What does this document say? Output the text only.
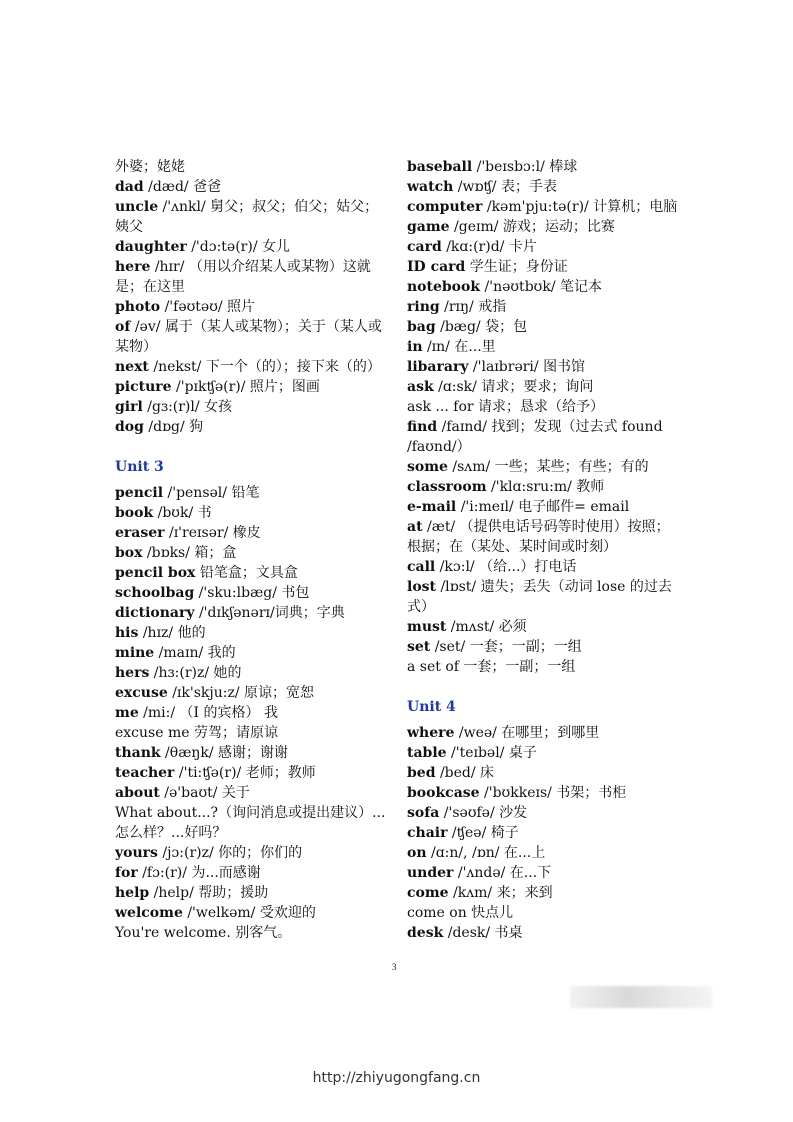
外婆；姥姥
dad /dæd/ 爸爸
uncle /'ʌnkl/ 舅父；叔父；伯父；姑父；姨父
daughter /'dɔ:tə(r)/ 女儿
here /hɪr/ （用以介绍某人或某物）这就是；在这里
photo /'fəʊtəʊ/ 照片
of /əv/ 属于（某人或某物）；关于（某人或某物）
next /nekst/ 下一个（的）；接下来（的）
picture /'pɪkʧə(r)/ 照片；图画
girl /gɜ:(r)l/ 女孩
dog /dɒg/ 狗
Unit 3
pencil /'pensəl/ 铅笔
book /bʊk/ 书
eraser /ɪ'reɪsər/ 橡皮
box /bɒks/ 箱；盒
pencil box 铅笔盒；文具盒
schoolbag /'sku:lbæg/ 书包
dictionary /'dɪkʃənərɪ/词典；字典
his /hɪz/ 他的
mine /maɪn/ 我的
hers /hɜ:(r)z/ 她的
excuse /ɪk'skju:z/ 原谅；宽恕
me /mi:/ （I 的宾格） 我
excuse me 劳驾；请原谅
thank /θæŋk/ 感谢；谢谢
teacher /'ti:ʧə(r)/ 老师；教师
about /ə'baʊt/ 关于
What about...?（询问消息或提出建议）...怎么样？...好吗？
yours /jɔ:(r)z/ 你的；你们的
for /fɔ:(r)/ 为...而感谢
help /help/ 帮助；援助
welcome /'welkəm/ 受欢迎的
You're welcome. 别客气。
baseball /'beɪsbɔ:l/ 棒球
watch /wɒʧ/ 表；手表
computer /kəm'pju:tə(r)/ 计算机；电脑
game /geɪm/ 游戏；运动；比赛
card /kɑ:(r)d/ 卡片
ID card 学生证；身份证
notebook /'nəʊtbʊk/ 笔记本
ring /rɪŋ/ 戒指
bag /bæg/ 袋；包
in /ɪn/ 在...里
libarary /'laɪbrəri/ 图书馆
ask /ɑ:sk/ 请求；要求；询问
ask ... for 请求；恳求（给予）
find /faɪnd/ 找到；发现（过去式 found /faʊnd/）
some /sʌm/ 一些；某些；有些；有的
classroom /'klɑ:sru:m/ 教师
e-mail /'i:meɪl/ 电子邮件= email
at /æt/ （提供电话号码等时使用）按照；根据；在（某处、某时间或时刻）
call /kɔ:l/ （给...）打电话
lost /lɒst/ 遗失；丢失（动词 lose 的过去式）
must /mʌst/ 必须
set /set/ 一套；一副；一组
a set of 一套；一副；一组
Unit 4
where /weə/ 在哪里；到哪里
table /'teɪbəl/ 桌子
bed /bed/ 床
bookcase /'bʊkkeɪs/ 书架；书柜
sofa /'səʊfə/ 沙发
chair /ʧeə/ 椅子
on /ɑ:n/, /ɒn/ 在...上
under /'ʌndə/ 在...下
come /kʌm/ 来；来到
come on 快点儿
desk /desk/ 书桌
3
http://zhiyugongfang.cn
